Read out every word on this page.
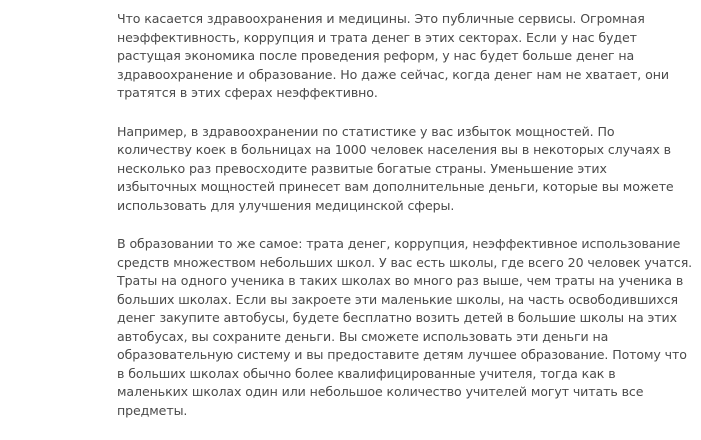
Что касается здравоохранения и медицины. Это публичные сервисы. Огромная
неэффективность, коррупция и трата денег в этих секторах. Если у нас будет
растущая экономика после проведения реформ, у нас будет больше денег на
здравоохранение и образование. Но даже сейчас, когда денег нам не хватает, они
тратятся в этих сферах неэффективно.

Например, в здравоохранении по статистике у вас избыток мощностей. По
количеству коек в больницах на 1000 человек населения вы в некоторых случаях в
несколько раз превосходите развитые богатые страны. Уменьшение этих
избыточных мощностей принесет вам дополнительные деньги, которые вы можете
использовать для улучшения медицинской сферы.

В образовании то же самое: трата денег, коррупция, неэффективное использование
средств множеством небольших школ. У вас есть школы, где всего 20 человек учатся.
Траты на одного ученика в таких школах во много раз выше, чем траты на ученика в
больших школах. Если вы закроете эти маленькие школы, на часть освободившихся
денег закупите автобусы, будете бесплатно возить детей в большие школы на этих
автобусах, вы сохраните деньги. Вы сможете использовать эти деньги на
образовательную систему и вы предоставите детям лучшее образование. Потому что
в больших школах обычно более квалифицированные учителя, тогда как в
маленьких школах один или небольшое количество учителей могут читать все
предметы.
